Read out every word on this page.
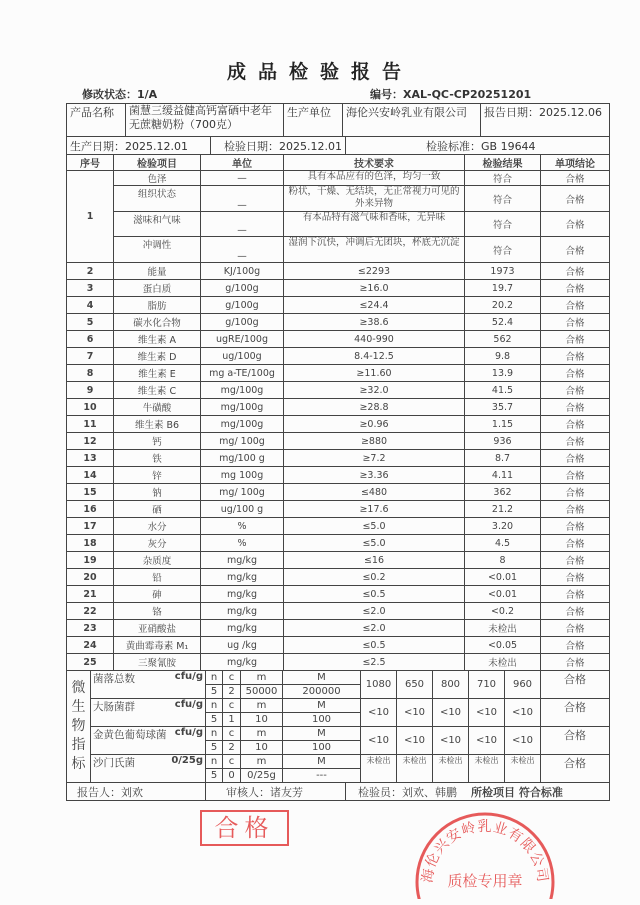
成品检验报告
修改状态：1/A	编号：XAL-QC-CP20251201
产品名称	菌慧三缓益健高钙富硒中老年无蔗糖奶粉（700克）	生产单位	海伦兴安岭乳业有限公司	报告日期：2025.12.06
生产日期：2025.12.01	检验日期：2025.12.01	检验标准：GB 19644
序号	检验项目	单位	技术要求	检验结果	单项结论
1	色泽	—	具有本品应有的色泽，均匀一致	符合	合格
	组织状态	—	粉状，干燥、无结块，无正常视力可见的外来异物	符合	合格
	滋味和气味	—	有本品特有滋气味和香味，无异味	符合	合格
	冲调性	—	湿润下沉快，冲调后无团块，杯底无沉淀	符合	合格
2	能量	KJ/100g	≤2293	1973	合格
3	蛋白质	g/100g	≥16.0	19.7	合格
4	脂肪	g/100g	≤24.4	20.2	合格
5	碳水化合物	g/100g	≥38.6	52.4	合格
6	维生素 A	ugRE/100g	440-990	562	合格
7	维生素 D	ug/100g	8.4-12.5	9.8	合格
8	维生素 E	mg a-TE/100g	≥11.60	13.9	合格
9	维生素 C	mg/100g	≥32.0	41.5	合格
10	牛磺酸	mg/100g	≥28.8	35.7	合格
11	维生素 B6	mg/100g	≥0.96	1.15	合格
12	钙	mg/ 100g	≥880	936	合格
13	铁	mg/100 g	≥7.2	8.7	合格
14	锌	mg 100g	≥3.36	4.11	合格
15	钠	mg/ 100g	≤480	362	合格
16	硒	ug/100 g	≥17.6	21.2	合格
17	水分	%	≤5.0	3.20	合格
18	灰分	%	≤5.0	4.5	合格
19	杂质度	mg/kg	≤16	8	合格
20	铅	mg/kg	≤0.2	<0.01	合格
21	砷	mg/kg	≤0.5	<0.01	合格
22	铬	mg/kg	≤2.0	<0.2	合格
23	亚硝酸盐	mg/kg	≤2.0	未检出	合格
24	黄曲霉毒素 M₁	ug /kg	≤0.5	<0.05	合格
25	三聚氰胺	mg/kg	≤2.5	未检出	合格
微生物指标	cfu/g
菌落总数	n	c	m	M	1080	650	800	710	960	合格
		5	2	50000	200000						

	cfu/g
大肠菌群	n	c	m	M	<10	<10	<10	<10	<10	合格
		5	1	10	100						

	cfu/g
金黄色葡萄球菌	n	c	m	M	<10	<10	<10	<10	<10	合格
		5	2	10	100						

	0/25g
沙门氏菌	n	c	m	M	未检出	未检出	未检出	未检出	未检出	合格
		5	0	0/25g	---						
报告人：刘欢	审核人：诸友芳	检验员：刘欢、韩鹏 所检项目 符合标准
合格
海伦兴安岭乳业有限公司
质检专用章
